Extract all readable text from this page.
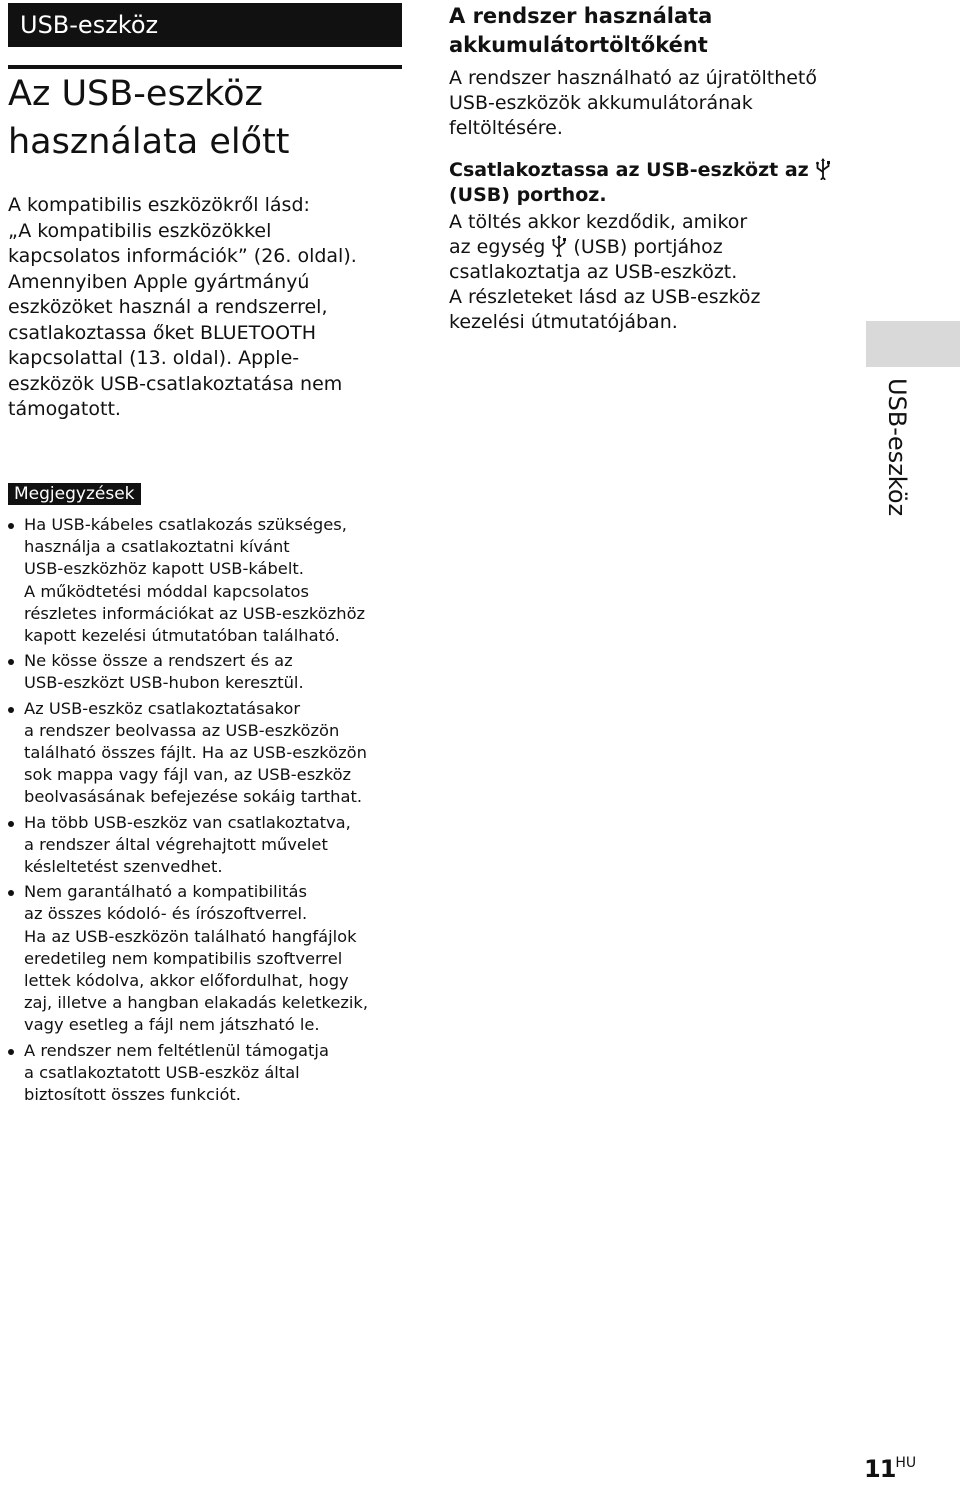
USB-eszköz
Az USB-eszköz
használata előtt

A kompatibilis eszközökről lásd:

„A kompatibilis eszközökkel

kapcsolatos információk” (26. oldal).

Amennyiben Apple gyártmányú

eszközöket használ a rendszerrel,

csatlakoztassa őket BLUETOOTH

kapcsolattal (13. oldal). Apple-

eszközök USB-csatlakoztatása nem

támogatott.

Megjegyzések
Ha USB-kábeles csatlakozás szükséges,
használja a csatlakoztatni kívánt
USB-eszközhöz kapott USB-kábelt.
A működtetési móddal kapcsolatos
részletes információkat az USB-eszközhöz
kapott kezelési útmutatóban található.
Ne kösse össze a rendszert és az
USB-eszközt USB-hubon keresztül.
Az USB-eszköz csatlakoztatásakor
a rendszer beolvassa az USB-eszközön
található összes fájlt. Ha az USB-eszközön
sok mappa vagy fájl van, az USB-eszköz
beolvasásának befejezése sokáig tarthat.
Ha több USB-eszköz van csatlakoztatva,
a rendszer által végrehajtott művelet
késleltetést szenvedhet.
Nem garantálható a kompatibilitás
az összes kódoló- és írószoftverrel.
Ha az USB-eszközön található hangfájlok
eredetileg nem kompatibilis szoftverrel
lettek kódolva, akkor előfordulhat, hogy
zaj, illetve a hangban elakadás keletkezik,
vagy esetleg a fájl nem játszható le.
A rendszer nem feltétlenül támogatja
a csatlakoztatott USB-eszköz által
biztosított összes funkciót.
A rendszer használata
akkumulátortöltőként

A rendszer használható az újratölthető
USB-eszközök akkumulátorának
feltöltésére.

Csatlakoztassa az USB-eszközt az
(USB) porthoz.

A töltés akkor kezdődik, amikor

az egység (USB) portjához

csatlakoztatja az USB-eszközt.

A részleteket lásd az USB-eszköz

kezelési útmutatójában.

USB-eszköz
$11^{HU}$
